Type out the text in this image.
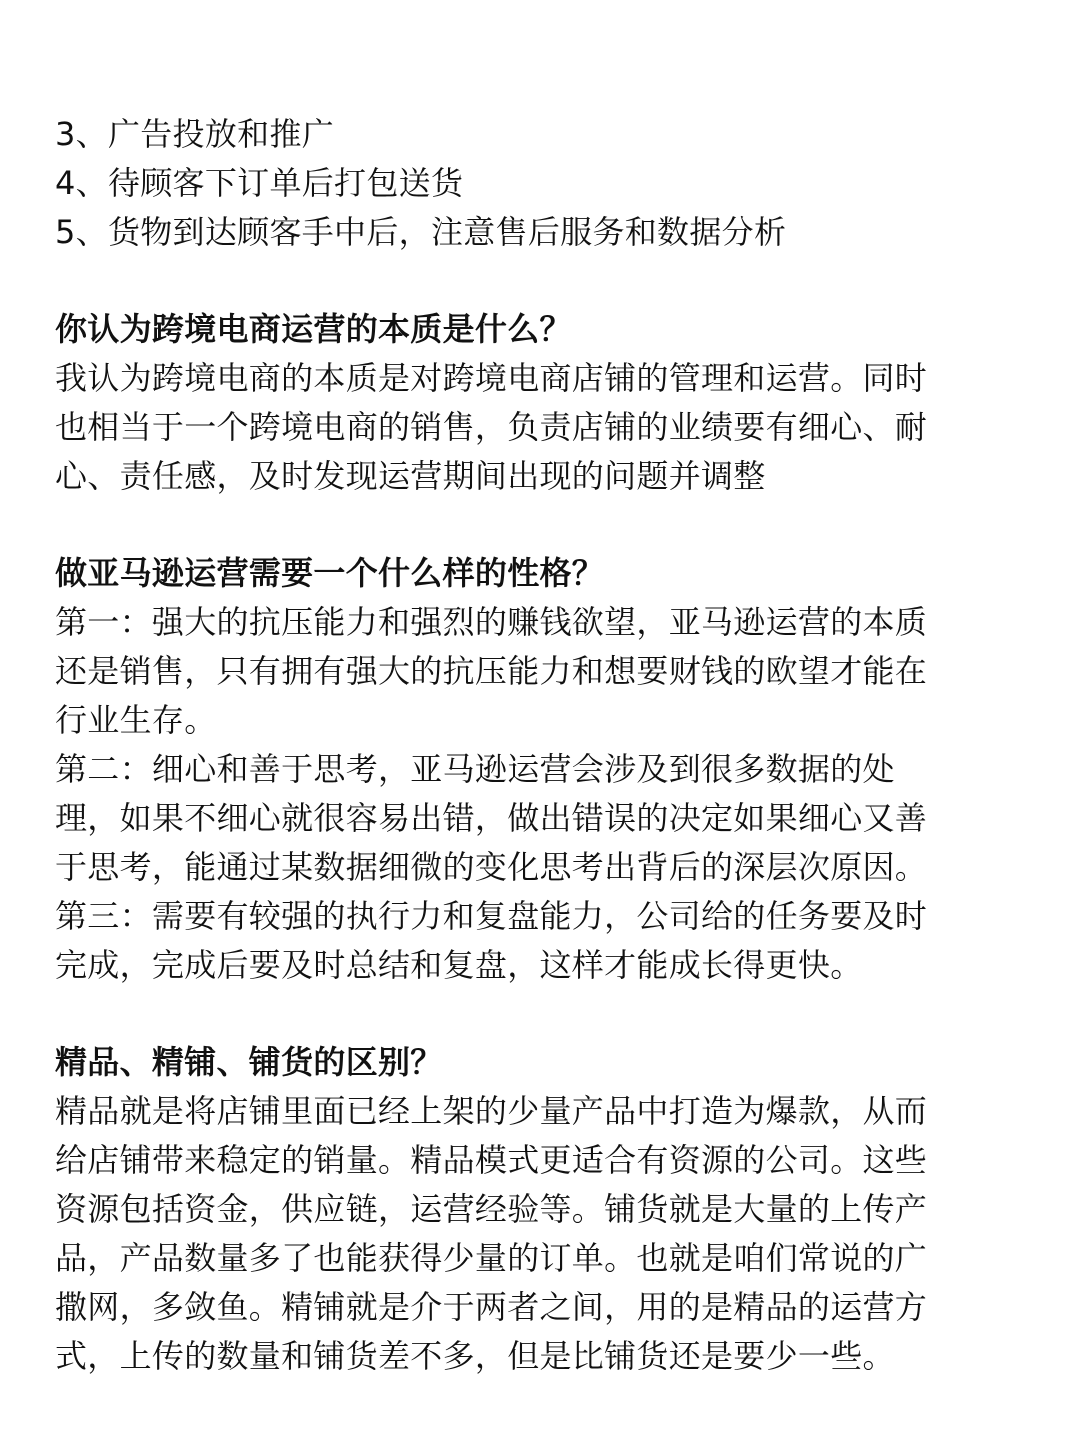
3、广告投放和推广
4、待顾客下订单后打包送货
5、货物到达顾客手中后，注意售后服务和数据分析
你认为跨境电商运营的本质是什么？
我认为跨境电商的本质是对跨境电商店铺的管理和运营。同时
也相当于一个跨境电商的销售，负责店铺的业绩要有细心、耐
心、责任感，及时发现运营期间出现的问题并调整
做亚马逊运营需要一个什么样的性格？
第一：强大的抗压能力和强烈的赚钱欲望，亚马逊运营的本质
还是销售，只有拥有强大的抗压能力和想要财钱的欧望才能在
行业生存。
第二：细心和善于思考，亚马逊运营会涉及到很多数据的处
理，如果不细心就很容易出错，做出错误的决定如果细心又善
于思考，能通过某数据细微的变化思考出背后的深层次原因。
第三：需要有较强的执行力和复盘能力，公司给的任务要及时
完成，完成后要及时总结和复盘，这样才能成长得更快。
精品、精铺、铺货的区别？
精品就是将店铺里面已经上架的少量产品中打造为爆款，从而
给店铺带来稳定的销量。精品模式更适合有资源的公司。这些
资源包括资金，供应链，运营经验等。铺货就是大量的上传产
品，产品数量多了也能获得少量的订单。也就是咱们常说的广
撒网，多敛鱼。精铺就是介于两者之间，用的是精品的运营方
式，上传的数量和铺货差不多，但是比铺货还是要少一些。
